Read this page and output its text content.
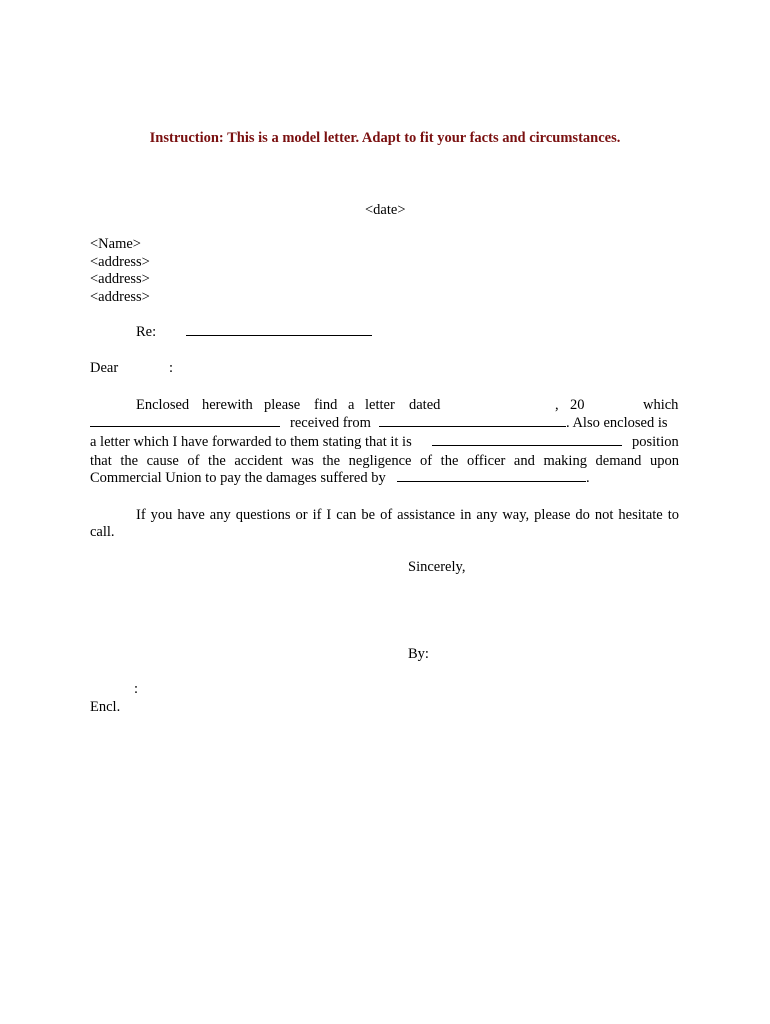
Instruction: This is a model letter. Adapt to fit your facts and circumstances.
<date>
<Name>
<address>
<address>
<address>
Re:
Dear	:
Enclosed herewith please find a letter dated	, 20	which
received from	. Also enclosed is
a letter which I have forwarded to them stating that it is	position
that the cause of the accident was the negligence of the officer and making demand upon
Commercial Union to pay the damages suffered by	.
If you have any questions or if I can be of assistance in any way, please do not hesitate to
call.
Sincerely,
By:
:
Encl.
